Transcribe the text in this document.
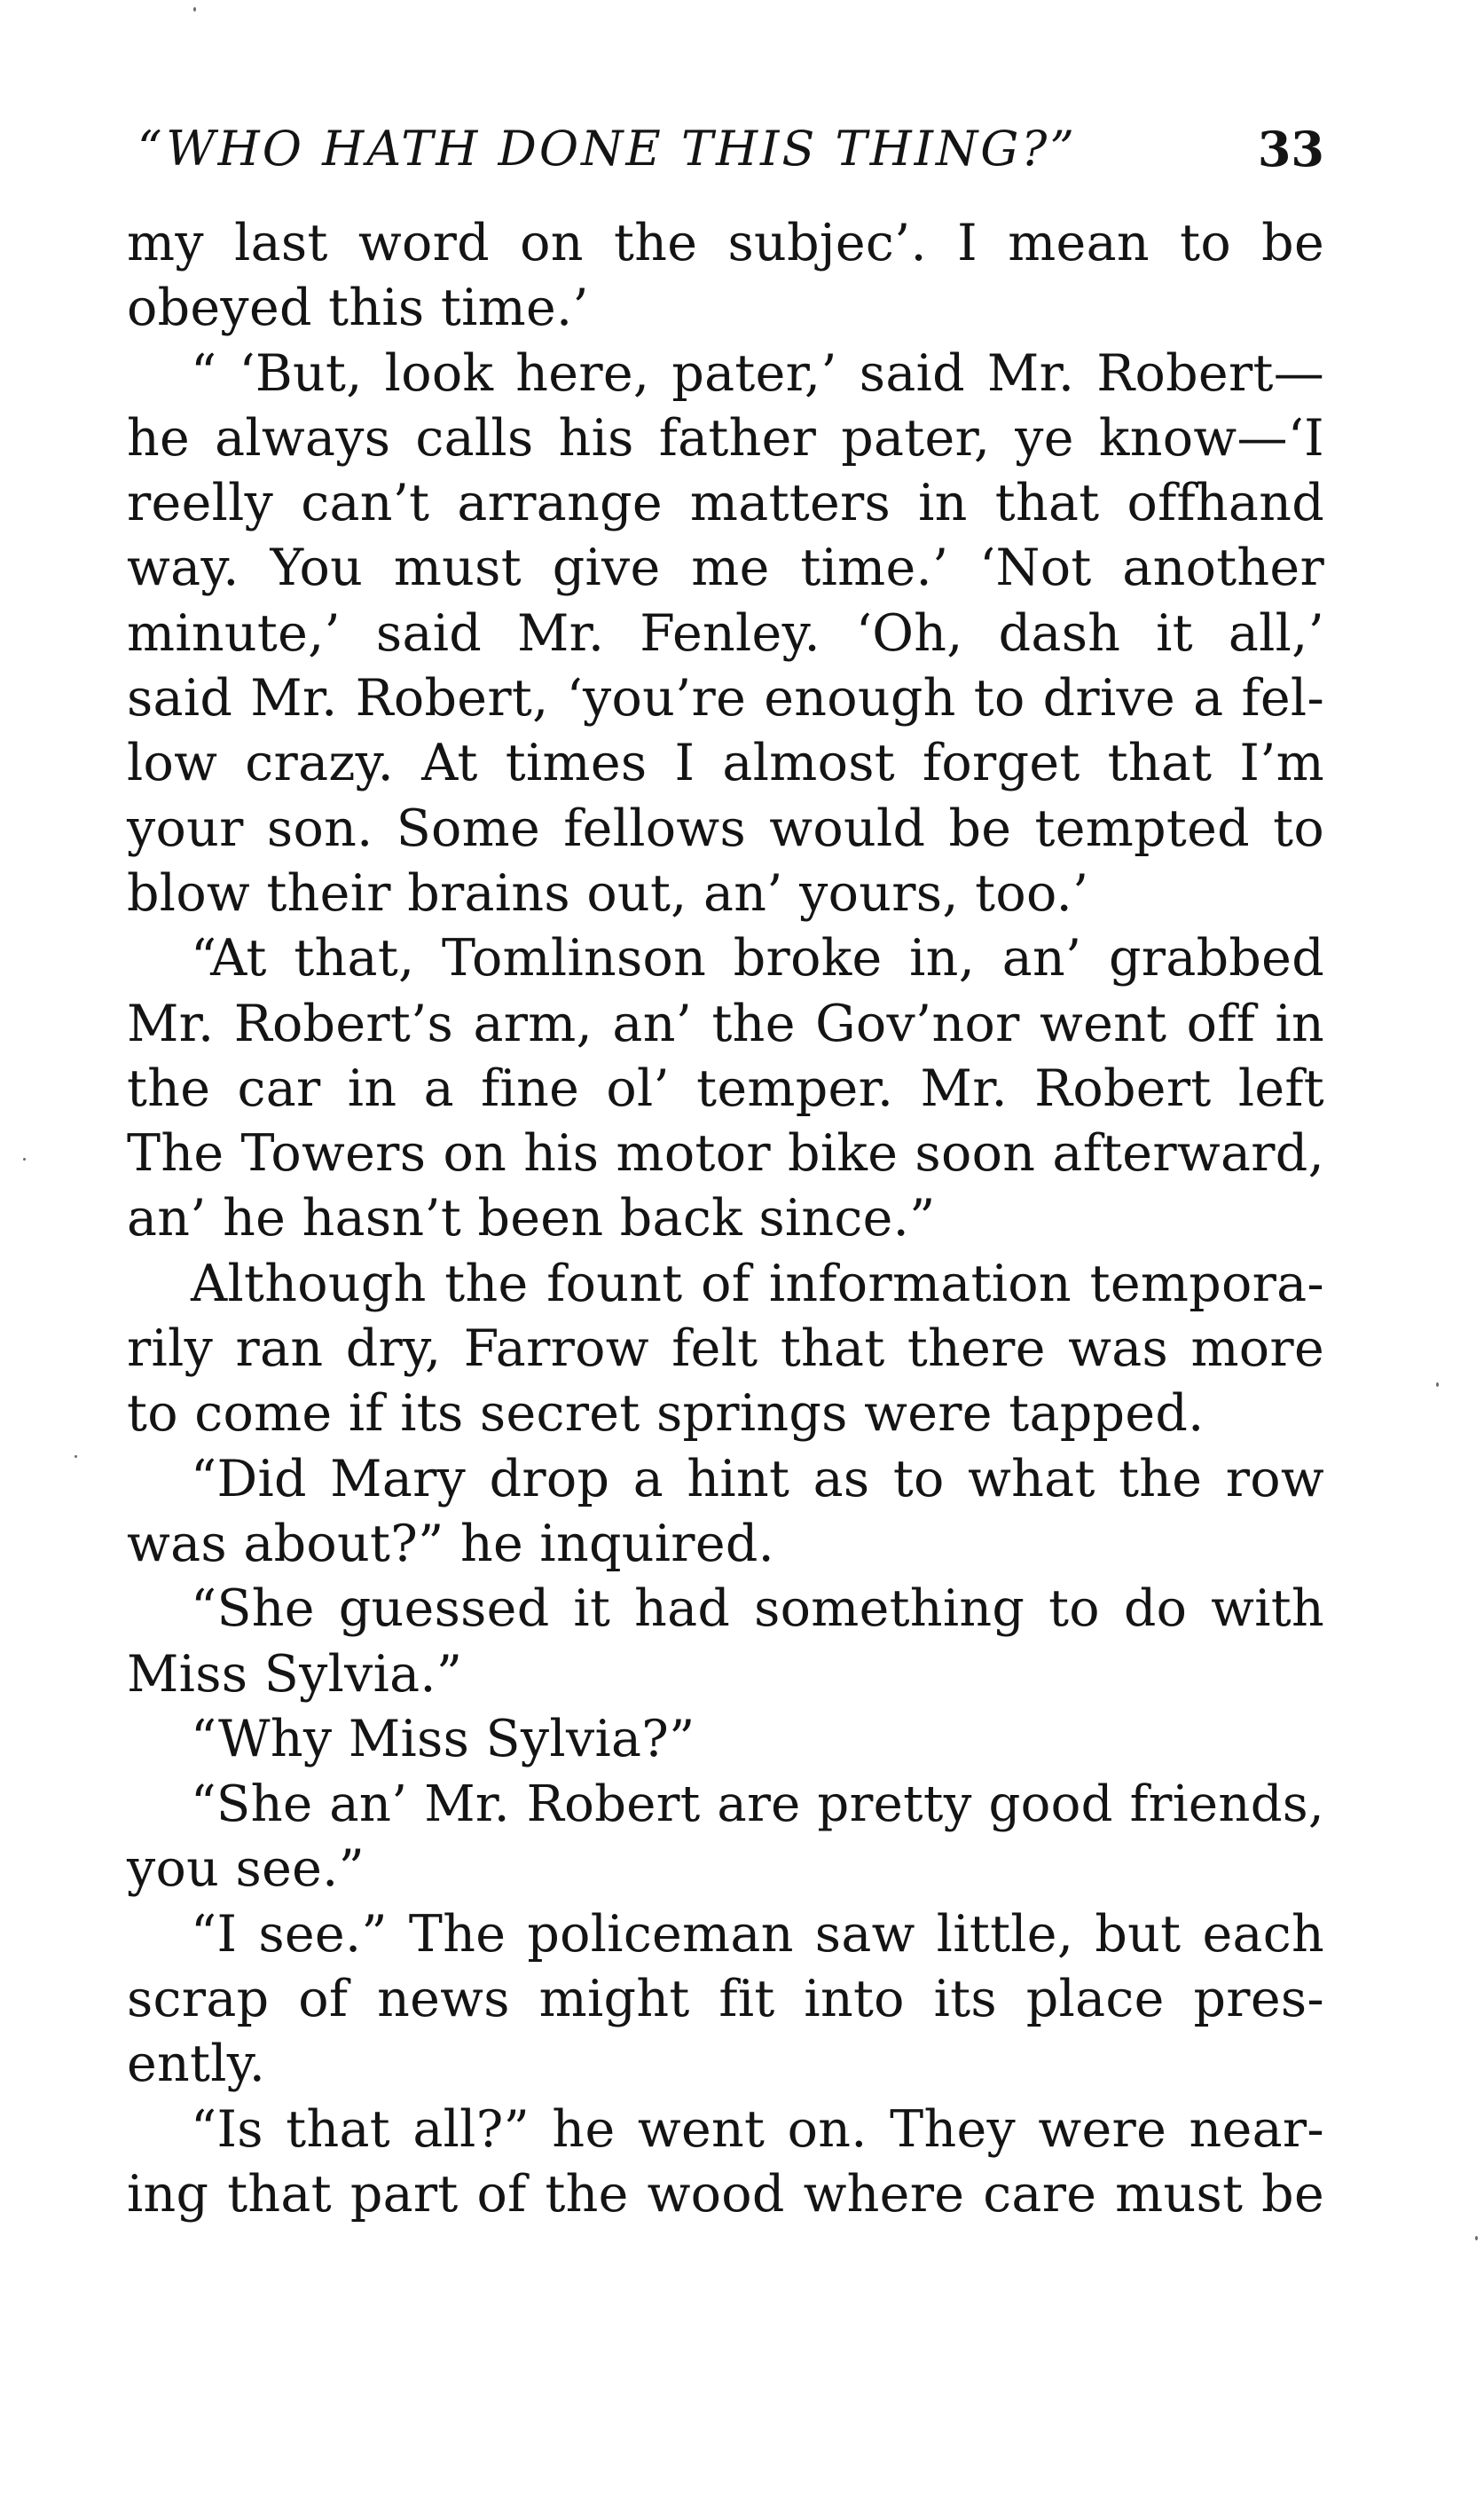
“WHO HATH DONE THIS THING?”	33
my last word on the subjec’. I mean to be
obeyed this time.’
“ ‘But, look here, pater,’ said Mr. Robert—
he always calls his father pater, ye know—‘I
reelly can’t arrange matters in that offhand
way. You must give me time.’ ‘Not another
minute,’ said Mr. Fenley. ‘Oh, dash it all,’
said Mr. Robert, ‘you’re enough to drive a fel-
low crazy. At times I almost forget that I’m
your son. Some fellows would be tempted to
blow their brains out, an’ yours, too.’
“At that, Tomlinson broke in, an’ grabbed
Mr. Robert’s arm, an’ the Gov’nor went off in
the car in a fine ol’ temper. Mr. Robert left
The Towers on his motor bike soon afterward,
an’ he hasn’t been back since.”
Although the fount of information tempora-
rily ran dry, Farrow felt that there was more
to come if its secret springs were tapped.
“Did Mary drop a hint as to what the row
was about?” he inquired.
“She guessed it had something to do with
Miss Sylvia.”
“Why Miss Sylvia?”
“She an’ Mr. Robert are pretty good friends,
you see.”
“I see.” The policeman saw little, but each
scrap of news might fit into its place pres-
ently.
“Is that all?” he went on. They were near-
ing that part of the wood where care must be
